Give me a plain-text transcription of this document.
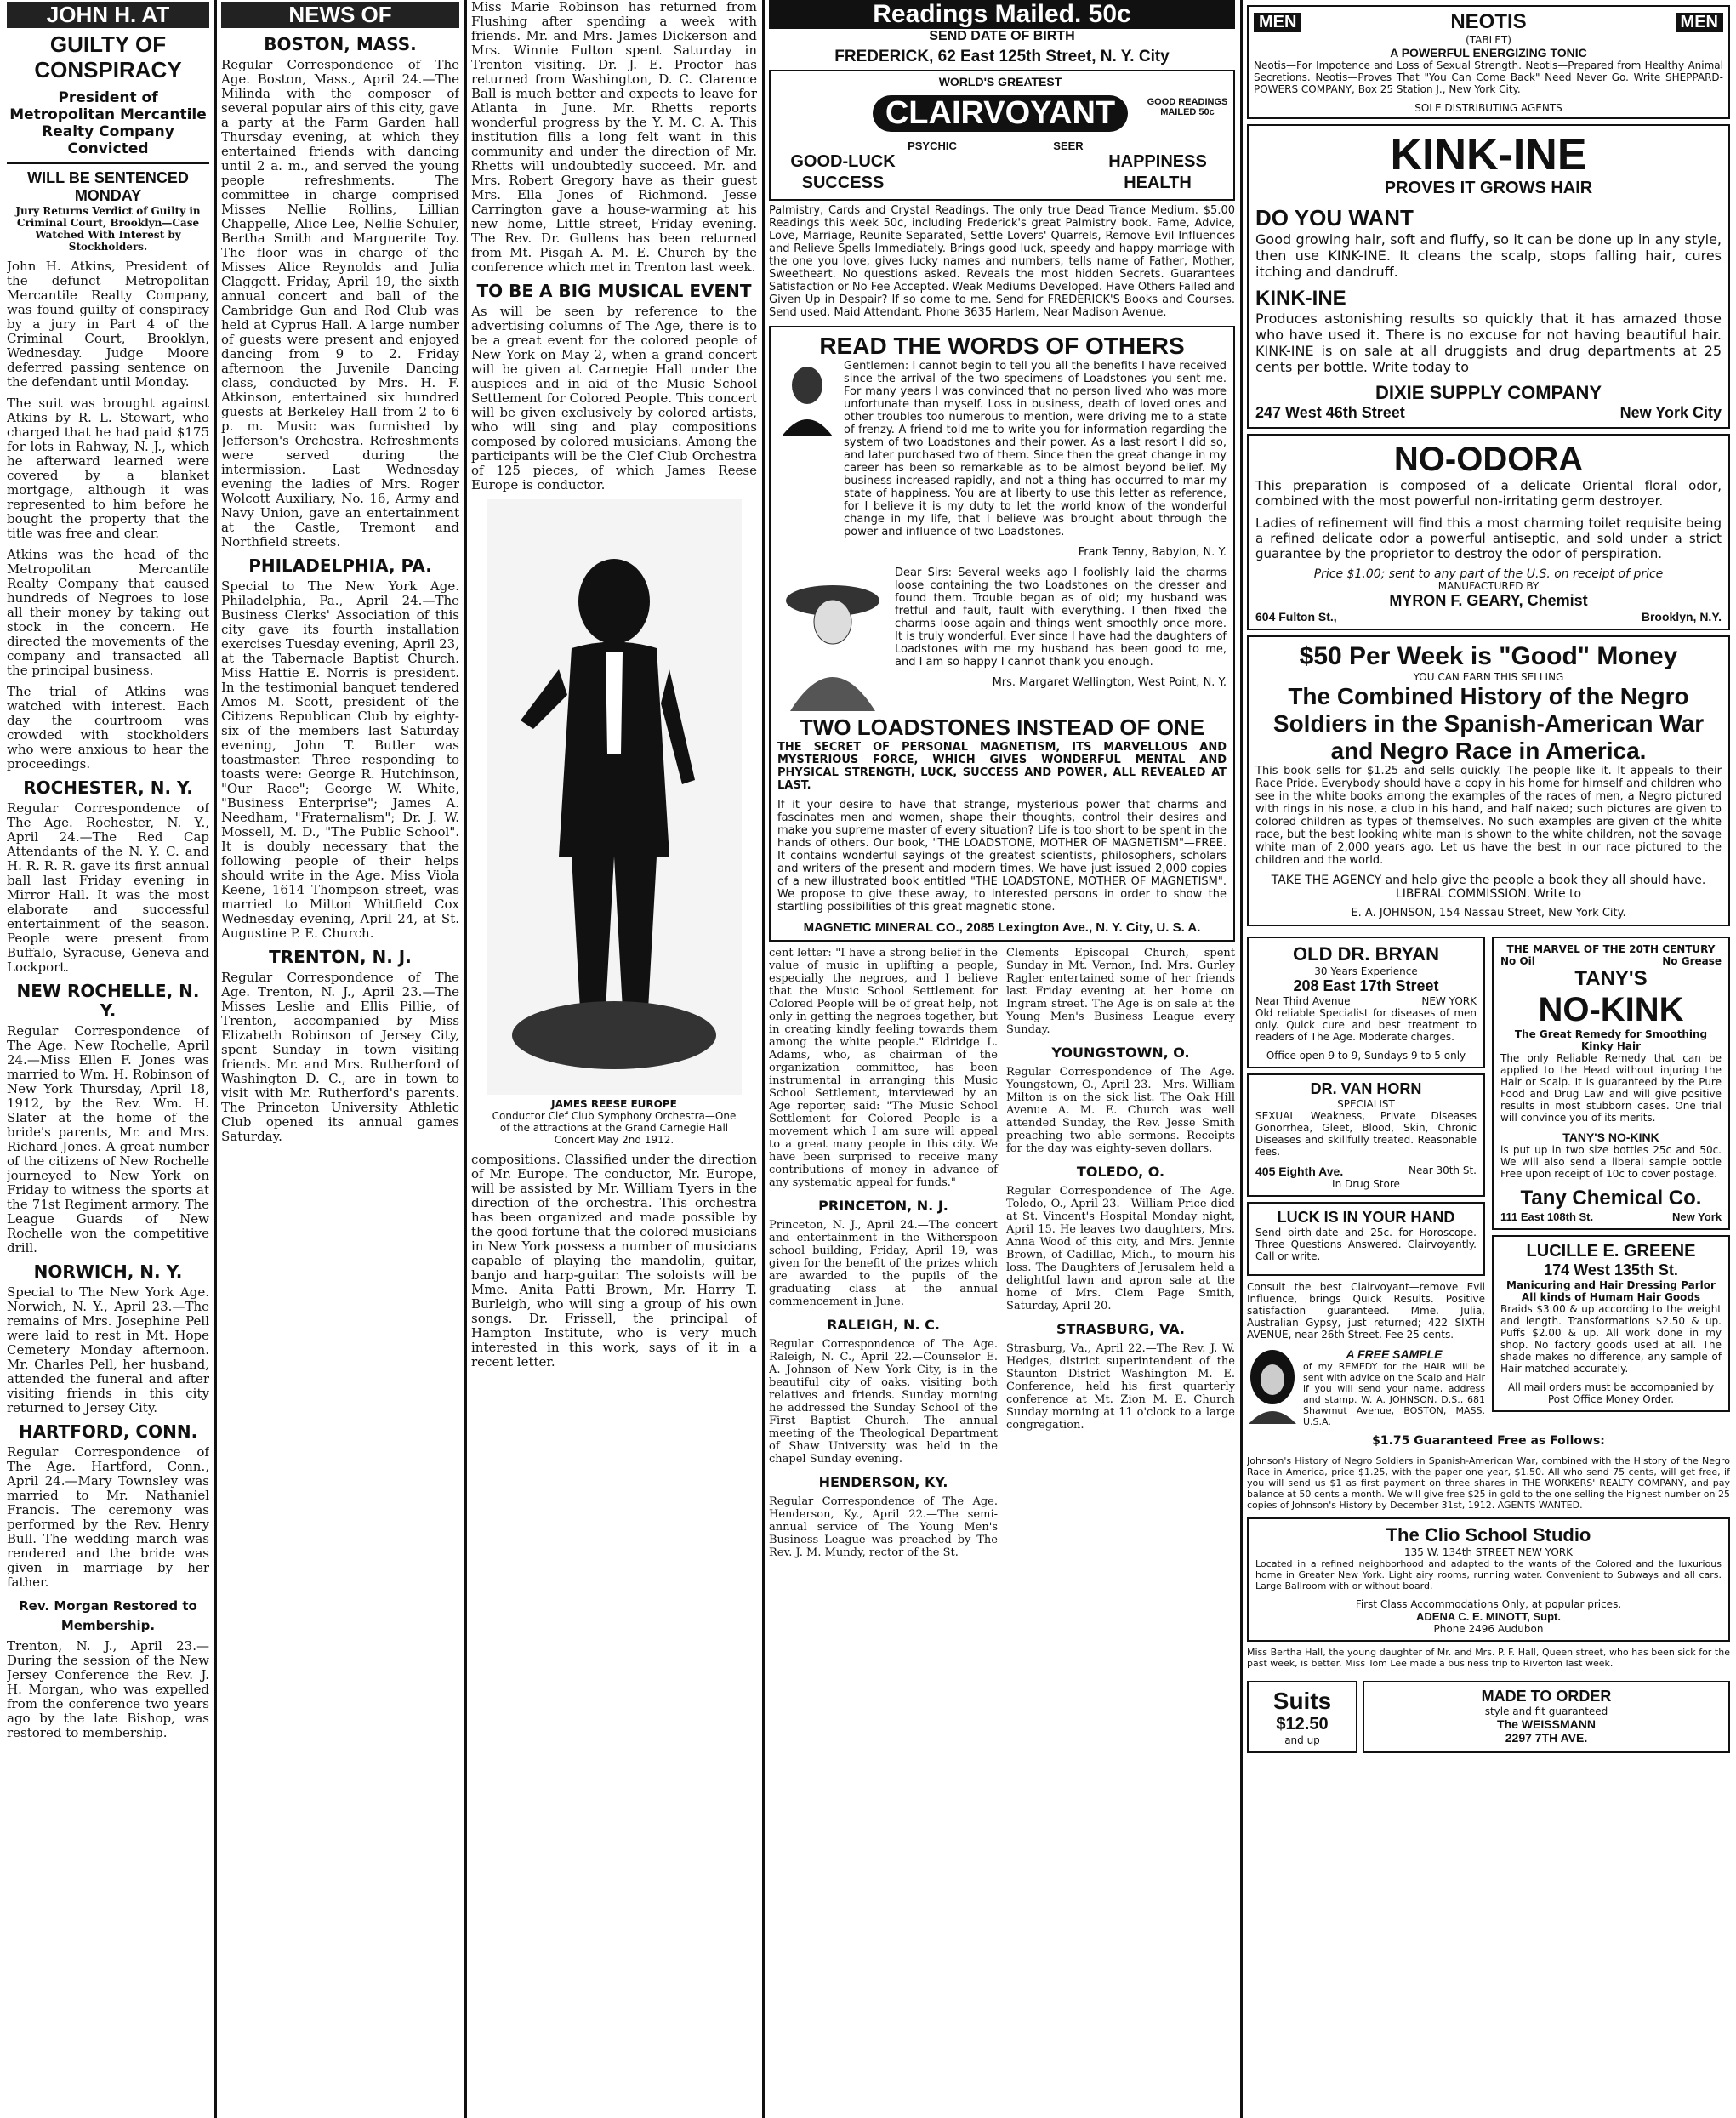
JOHN H. AT
GUILTY OF CONSPIRACY
President of Metropolitan Mercantile Realty Company Convicted
WILL BE SENTENCED MONDAY
Jury Returns Verdict of Guilty in Criminal Court, Brooklyn—Case Watched With Interest by Stockholders.

John H. Atkins, President of the defunct Metropolitan Mercantile Realty Company, was found guilty of conspiracy by a jury in Part 4 of the Criminal Court, Brooklyn, Wednesday. Judge Moore deferred passing sentence on the defendant until Monday.

The suit was brought against Atkins by R. L. Stewart, who charged that he had paid $175 for lots in Rahway, N. J., which he afterward learned were covered by a blanket mortgage, although it was represented to him before he bought the property that the title was free and clear.

Atkins was the head of the Metropolitan Mercantile Realty Company that caused hundreds of Negroes to lose all their money by taking out stock in the concern. He directed the movements of the company and transacted all the principal business.

The trial of Atkins was watched with interest. Each day the courtroom was crowded with stockholders who were anxious to hear the proceedings.

ROCHESTER, N. Y.

Regular Correspondence of The Age. Rochester, N. Y., April 24.—The Red Cap Attendants of the N. Y. C. and H. R. R. R. gave its first annual ball last Friday evening in Mirror Hall. It was the most elaborate and successful entertainment of the season. People were present from Buffalo, Syracuse, Geneva and Lockport.

NEW ROCHELLE, N. Y.

Regular Correspondence of The Age. New Rochelle, April 24.—Miss Ellen F. Jones was married to Wm. H. Robinson of New York Thursday, April 18, 1912, by the Rev. Wm. H. Slater at the home of the bride's parents, Mr. and Mrs. Richard Jones. A great number of the citizens of New Rochelle journeyed to New York on Friday to witness the sports at the 71st Regiment armory. The League Guards of New Rochelle won the competitive drill.

NORWICH, N. Y.

Special to The New York Age. Norwich, N. Y., April 23.—The remains of Mrs. Josephine Pell were laid to rest in Mt. Hope Cemetery Monday afternoon. Mr. Charles Pell, her husband, attended the funeral and after visiting friends in this city returned to Jersey City.

HARTFORD, CONN.

Regular Correspondence of The Age. Hartford, Conn., April 24.—Mary Townsley was married to Mr. Nathaniel Francis. The ceremony was performed by the Rev. Henry Bull. The wedding march was rendered and the bride was given in marriage by her father.

Rev. Morgan Restored to Membership.

Trenton, N. J., April 23.—During the session of the New Jersey Conference the Rev. J. H. Morgan, who was expelled from the conference two years ago by the late Bishop, was restored to membership.

NEWS OF
BOSTON, MASS.

Regular Correspondence of The Age. Boston, Mass., April 24.—The Milinda with the composer of several popular airs of this city, gave a party at the Farm Garden hall Thursday evening, at which they entertained friends with dancing until 2 a. m., and served the young people refreshments. The committee in charge comprised Misses Nellie Rollins, Lillian Chappelle, Alice Lee, Nellie Schuler, Bertha Smith and Marguerite Toy. The floor was in charge of the Misses Alice Reynolds and Julia Claggett. Friday, April 19, the sixth annual concert and ball of the Cambridge Gun and Rod Club was held at Cyprus Hall. A large number of guests were present and enjoyed dancing from 9 to 2. Friday afternoon the Juvenile Dancing class, conducted by Mrs. H. F. Atkinson, entertained six hundred guests at Berkeley Hall from 2 to 6 p. m. Music was furnished by Jefferson's Orchestra. Refreshments were served during the intermission. Last Wednesday evening the ladies of Mrs. Roger Wolcott Auxiliary, No. 16, Army and Navy Union, gave an entertainment at the Castle, Tremont and Northfield streets.

PHILADELPHIA, PA.

Special to The New York Age. Philadelphia, Pa., April 24.—The Business Clerks' Association of this city gave its fourth installation exercises Tuesday evening, April 23, at the Tabernacle Baptist Church. Miss Hattie E. Norris is president. In the testimonial banquet tendered Amos M. Scott, president of the Citizens Republican Club by eighty-six of the members last Saturday evening, John T. Butler was toastmaster. Three responding to toasts were: George R. Hutchinson, "Our Race"; George W. White, "Business Enterprise"; James A. Needham, "Fraternalism"; Dr. J. W. Mossell, M. D., "The Public School". It is doubly necessary that the following people of their helps should write in the Age. Miss Viola Keene, 1614 Thompson street, was married to Milton Whitfield Cox Wednesday evening, April 24, at St. Augustine P. E. Church.

TRENTON, N. J.

Regular Correspondence of The Age. Trenton, N. J., April 23.—The Misses Leslie and Ellis Pillie, of Trenton, accompanied by Miss Elizabeth Robinson of Jersey City, spent Sunday in town visiting friends. Mr. and Mrs. Rutherford of Washington D. C., are in town to visit with Mr. Rutherford's parents. The Princeton University Athletic Club opened its annual games Saturday.

Miss Marie Robinson has returned from Flushing after spending a week with friends. Mr. and Mrs. James Dickerson and Mrs. Winnie Fulton spent Saturday in Trenton visiting. Dr. J. E. Proctor has returned from Washington, D. C. Clarence Ball is much better and expects to leave for Atlanta in June. Mr. Rhetts reports wonderful progress by the Y. M. C. A. This institution fills a long felt want in this community and under the direction of Mr. Rhetts will undoubtedly succeed. Mr. and Mrs. Robert Gregory have as their guest Mrs. Ella Jones of Richmond. Jesse Carrington gave a house-warming at his new home, Little street, Friday evening. The Rev. Dr. Gullens has been returned from Mt. Pisgah A. M. E. Church by the conference which met in Trenton last week.

TO BE A BIG MUSICAL EVENT

As will be seen by reference to the advertising columns of The Age, there is to be a great event for the colored people of New York on May 2, when a grand concert will be given at Carnegie Hall under the auspices and in aid of the Music School Settlement for Colored People. This concert will be given exclusively by colored artists, who will sing and play compositions composed by colored musicians. Among the participants will be the Clef Club Orchestra of 125 pieces, of which James Reese Europe is conductor.

JAMES REESE EUROPE
Conductor Clef Club Symphony Orchestra—One of the attractions at the Grand Carnegie Hall Concert May 2nd 1912.

compositions. Classified under the direction of Mr. Europe. The conductor, Mr. Europe, will be assisted by Mr. William Tyers in the direction of the orchestra. This orchestra has been organized and made possible by the good fortune that the colored musicians in New York possess a number of musicians capable of playing the mandolin, guitar, banjo and harp-guitar. The soloists will be Mme. Anita Patti Brown, Mr. Harry T. Burleigh, who will sing a group of his own songs. Dr. Frissell, the principal of Hampton Institute, who is very much interested in this work, says of it in a recent letter.

Readings Mailed. 50c
SEND DATE OF BIRTH
FREDERICK, 62 East 125th Street, N. Y. City
WORLD'S GREATEST
CLAIRVOYANT
PSYCHIC	SEER
GOOD-LUCK
SUCCESS
HAPPINESS
HEALTH
GOOD READINGS MAILED 50c

Palmistry, Cards and Crystal Readings. The only true Dead Trance Medium. $5.00 Readings this week 50c, including Frederick's great Palmistry book. Fame, Advice, Love, Marriage, Reunite Separated, Settle Lovers' Quarrels, Remove Evil Influences and Relieve Spells Immediately. Brings good luck, speedy and happy marriage with the one you love, gives lucky names and numbers, tells name of Father, Mother, Sweetheart. No questions asked. Reveals the most hidden Secrets. Guarantees Satisfaction or No Fee Accepted. Weak Mediums Developed. Have Others Failed and Given Up in Despair? If so come to me. Send for FREDERICK'S Books and Courses. Send used. Maid Attendant. Phone 3635 Harlem, Near Madison Avenue.

READ THE WORDS OF OTHERS

Gentlemen: I cannot begin to tell you all the benefits I have received since the arrival of the two specimens of Loadstones you sent me. For many years I was convinced that no person lived who was more unfortunate than myself. Loss in business, death of loved ones and other troubles too numerous to mention, were driving me to a state of frenzy. A friend told me to write you for information regarding the system of two Loadstones and their power. As a last resort I did so, and later purchased two of them. Since then the great change in my career has been so remarkable as to be almost beyond belief. My business increased rapidly, and not a thing has occurred to mar my state of happiness. You are at liberty to use this letter as reference, for I believe it is my duty to let the world know of the wonderful change in my life, that I believe was brought about through the power and influence of two Loadstones.

Frank Tenny, Babylon, N. Y.

Dear Sirs: Several weeks ago I foolishly laid the charms loose containing the two Loadstones on the dresser and found them. Trouble began as of old; my husband was fretful and fault, fault with everything. I then fixed the charms loose again and things went smoothly once more. It is truly wonderful. Ever since I have had the daughters of Loadstones with me my husband has been good to me, and I am so happy I cannot thank you enough.

Mrs. Margaret Wellington, West Point, N. Y.

TWO LOADSTONES INSTEAD OF ONE

THE SECRET OF PERSONAL MAGNETISM, ITS MARVELLOUS AND MYSTERIOUS FORCE, WHICH GIVES WONDERFUL MENTAL AND PHYSICAL STRENGTH, LUCK, SUCCESS AND POWER, ALL REVEALED AT LAST.

If it your desire to have that strange, mysterious power that charms and fascinates men and women, shape their thoughts, control their desires and make you supreme master of every situation? Life is too short to be spent in the hands of others. Our book, "THE LOADSTONE, MOTHER OF MAGNETISM"—FREE. It contains wonderful sayings of the greatest scientists, philosophers, scholars and writers of the present and modern times. We have just issued 2,000 copies of a new illustrated book entitled "THE LOADSTONE, MOTHER OF MAGNETISM". We propose to give these away, to interested persons in order to show the startling possibilities of this great magnetic stone.

MAGNETIC MINERAL CO., 2085 Lexington Ave., N. Y. City, U. S. A.

cent letter: "I have a strong belief in the value of music in uplifting a people, especially the negroes, and I believe that the Music School Settlement for Colored People will be of great help, not only in getting the negroes together, but in creating kindly feeling towards them among the white people." Eldridge L. Adams, who, as chairman of the organization committee, has been instrumental in arranging this Music School Settlement, interviewed by an Age reporter, said: "The Music School Settlement for Colored People is a movement which I am sure will appeal to a great many people in this city. We have been surprised to receive many contributions of money in advance of any systematic appeal for funds."

PRINCETON, N. J.

Princeton, N. J., April 24.—The concert and entertainment in the Witherspoon school building, Friday, April 19, was given for the benefit of the prizes which are awarded to the pupils of the graduating class at the annual commencement in June.

RALEIGH, N. C.

Regular Correspondence of The Age. Raleigh, N. C., April 22.—Counselor E. A. Johnson of New York City, is in the beautiful city of oaks, visiting both relatives and friends. Sunday morning he addressed the Sunday School of the First Baptist Church. The annual meeting of the Theological Department of Shaw University was held in the chapel Sunday evening.

HENDERSON, KY.

Regular Correspondence of The Age. Henderson, Ky., April 22.—The semi-annual service of The Young Men's Business League was preached by The Rev. J. M. Mundy, rector of the St.

Clements Episcopal Church, spent Sunday in Mt. Vernon, Ind. Mrs. Gurley Ragler entertained some of her friends last Friday evening at her home on Ingram street. The Age is on sale at the Young Men's Business League every Sunday.

YOUNGSTOWN, O.

Regular Correspondence of The Age. Youngstown, O., April 23.—Mrs. William Milton is on the sick list. The Oak Hill Avenue A. M. E. Church was well attended Sunday, the Rev. Jesse Smith preaching two able sermons. Receipts for the day was eighty-seven dollars.

TOLEDO, O.

Regular Correspondence of The Age. Toledo, O., April 23.—William Price died at St. Vincent's Hospital Monday night, April 15. He leaves two daughters, Mrs. Anna Wood of this city, and Mrs. Jennie Brown, of Cadillac, Mich., to mourn his loss. The Daughters of Jerusalem held a delightful lawn and apron sale at the home of Mrs. Clem Page Smith, Saturday, April 20.

STRASBURG, VA.

Strasburg, Va., April 22.—The Rev. J. W. Hedges, district superintendent of the Staunton District Washington M. E. Conference, held his first quarterly conference at Mt. Zion M. E. Church Sunday morning at 11 o'clock to a large congregation.

MEN	NEOTIS	MEN
(TABLET)
A POWERFUL ENERGIZING TONIC

Neotis—For Impotence and Loss of Sexual Strength. Neotis—Prepared from Healthy Animal Secretions. Neotis—Proves That "You Can Come Back" Need Never Go. Write SHEPPARD-POWERS COMPANY, Box 25 Station J., New York City.

SOLE DISTRIBUTING AGENTS
KINK-INE
PROVES IT GROWS HAIR
DO YOU WANT

Good growing hair, soft and fluffy, so it can be done up in any style, then use KINK-INE. It cleans the scalp, stops falling hair, cures itching and dandruff.

KINK-INE

Produces astonishing results so quickly that it has amazed those who have used it. There is no excuse for not having beautiful hair. KINK-INE is on sale at all druggists and drug departments at 25 cents per bottle. Write today to

DIXIE SUPPLY COMPANY
247 West 46th Street	New York City
NO-ODORA

This preparation is composed of a delicate Oriental floral odor, combined with the most powerful non-irritating germ destroyer.

Ladies of refinement will find this a most charming toilet requisite being a refined delicate odor a powerful antiseptic, and sold under a strict guarantee by the proprietor to destroy the odor of perspiration.

Price $1.00; sent to any part of the U.S. on receipt of price
MANUFACTURED BY
MYRON F. GEARY, Chemist
604 Fulton St.,	Brooklyn, N.Y.
$50 Per Week is "Good" Money
YOU CAN EARN THIS SELLING
The Combined History of the Negro Soldiers in the Spanish-American War and Negro Race in America.

This book sells for $1.25 and sells quickly. The people like it. It appeals to their Race Pride. Everybody should have a copy in his home for himself and children who see in the white books among the examples of the races of men, a Negro pictured with rings in his nose, a club in his hand, and half naked; such pictures are given to colored children as types of themselves. No such examples are given of the white race, but the best looking white man is shown to the white children, not the savage white man of 2,000 years ago. Let us have the best in our race pictured to the children and the world.

TAKE THE AGENCY and help give the people a book they all should have. LIBERAL COMMISSION. Write to

E. A. JOHNSON, 154 Nassau Street, New York City.
OLD DR. BRYAN
30 Years Experience
208 East 17th Street
Near Third Avenue	NEW YORK

Old reliable Specialist for diseases of men only. Quick cure and best treatment to readers of The Age. Moderate charges.

Office open 9 to 9, Sundays 9 to 5 only
DR. VAN HORN
SPECIALIST

SEXUAL Weakness, Private Diseases Gonorrhea, Gleet, Blood, Skin, Chronic Diseases and skillfully treated. Reasonable fees.

405 Eighth Ave.	Near 30th St.
In Drug Store
LUCK IS IN YOUR HAND

Send birth-date and 25c. for Horoscope. Three Questions Answered. Clairvoyantly. Call or write.

Consult the best Clairvoyant—remove Evil Influence, brings Quick Results. Positive satisfaction guaranteed. Mme. Julia, Australian Gypsy, just returned; 422 SIXTH AVENUE, near 26th Street. Fee 25 cents.

A FREE SAMPLE

of my REMEDY for the HAIR will be sent with advice on the Scalp and Hair if you will send your name, address and stamp. W. A. JOHNSON, D.S., 681 Shawmut Avenue, BOSTON, MASS. U.S.A.

THE MARVEL OF THE 20TH CENTURY
No Oil	No Grease
TANY'S
NO-KINK
The Great Remedy for Smoothing Kinky Hair

The only Reliable Remedy that can be applied to the Head without injuring the Hair or Scalp. It is guaranteed by the Pure Food and Drug Law and will give positive results in most stubborn cases. One trial will convince you of its merits.

TANY'S NO-KINK

is put up in two size bottles 25c and 50c. We will also send a liberal sample bottle Free upon receipt of 10c to cover postage.

Tany Chemical Co.
111 East 108th St.	New York
LUCILLE E. GREENE
174 West 135th St.
Manicuring and Hair Dressing Parlor All kinds of Humam Hair Goods

Braids $3.00 & up according to the weight and length. Transformations $2.50 & up. Puffs $2.00 & up. All work done in my shop. No factory goods used at all. The shade makes no difference, any sample of Hair matched accurately.

All mail orders must be accompanied by Post Office Money Order.

$1.75 Guaranteed Free as Follows:

Johnson's History of Negro Soldiers in Spanish-American War, combined with the History of the Negro Race in America, price $1.25, with the paper one year, $1.50. All who send 75 cents, will get free, if you will send us $1 as first payment on three shares in THE WORKERS' REALTY COMPANY, and pay balance at 50 cents a month. We will give free $25 in gold to the one selling the highest number on 25 copies of Johnson's History by December 31st, 1912. AGENTS WANTED.

The Clio School Studio
135 W. 134th STREET NEW YORK

Located in a refined neighborhood and adapted to the wants of the Colored and the luxurious home in Greater New York. Light airy rooms, running water. Convenient to Subways and all cars. Large Ballroom with or without board.

First Class Accommodations Only, at popular prices.
ADENA C. E. MINOTT, Supt.
Phone 2496 Audubon

Miss Bertha Hall, the young daughter of Mr. and Mrs. P. F. Hall, Queen street, who has been sick for the past week, is better. Miss Tom Lee made a business trip to Riverton last week.

Suits
$12.50
and up
MADE TO ORDER
style and fit guaranteed
The WEISSMANN
2297 7TH AVE.
